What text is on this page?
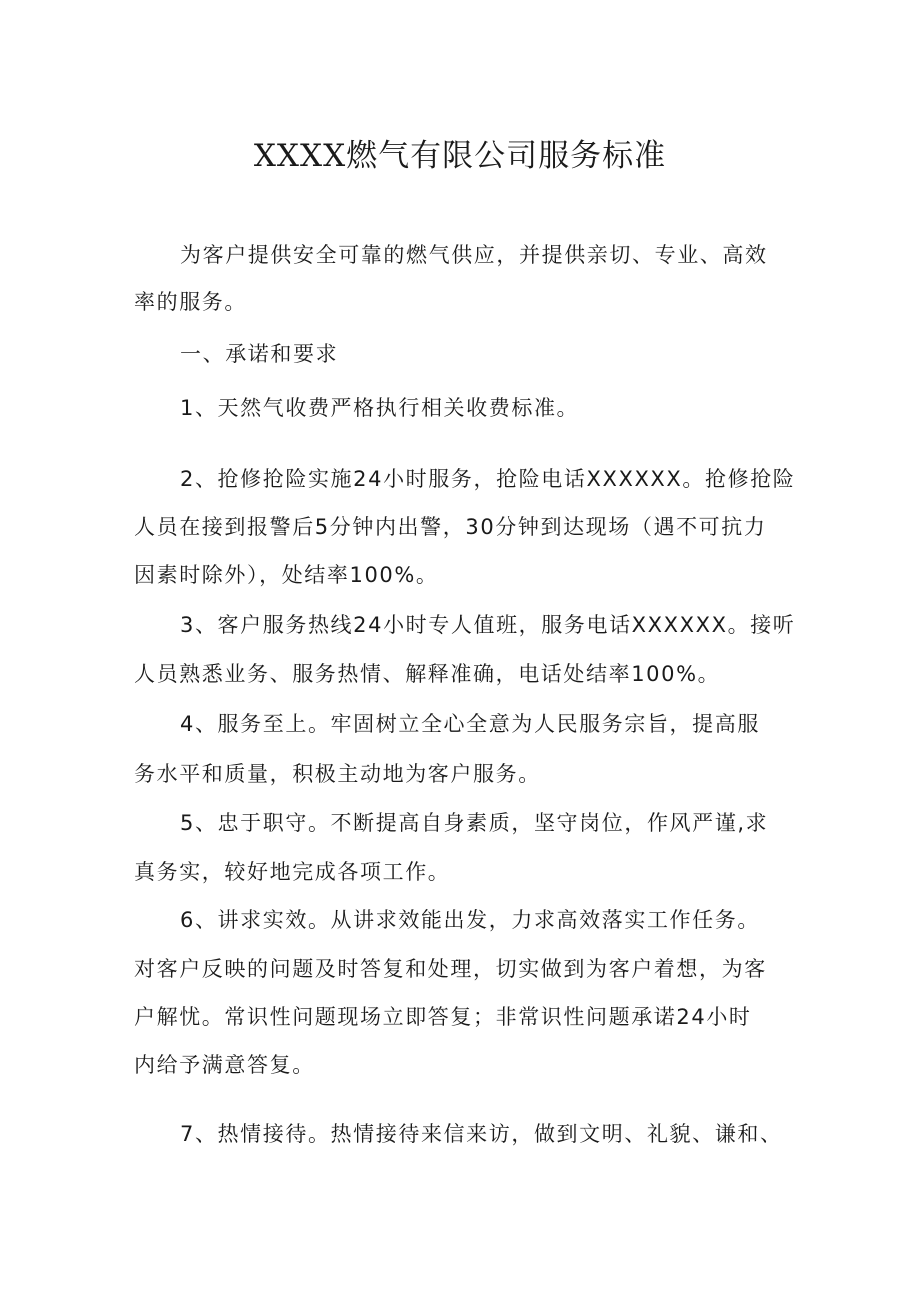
XXXX燃气有限公司服务标准

为客户提供安全可靠的燃气供应，并提供亲切、专业、高效

率的服务。

一、承诺和要求

1、天然气收费严格执行相关收费标准。

2、抢修抢险实施24小时服务，抢险电话XXXXXX。抢修抢险

人员在接到报警后5分钟内出警，30分钟到达现场（遇不可抗力

因素时除外），处结率100%。

3、客户服务热线24小时专人值班，服务电话XXXXXX。接听

人员熟悉业务、服务热情、解释准确，电话处结率100%。

4、服务至上。牢固树立全心全意为人民服务宗旨，提高服

务水平和质量，积极主动地为客户服务。

5、忠于职守。不断提高自身素质，坚守岗位，作风严谨,求

真务实，较好地完成各项工作。

6、讲求实效。从讲求效能出发，力求高效落实工作任务。

对客户反映的问题及时答复和处理，切实做到为客户着想，为客

户解忧。常识性问题现场立即答复；非常识性问题承诺24小时

内给予满意答复。

7、热情接待。热情接待来信来访，做到文明、礼貌、谦和、
